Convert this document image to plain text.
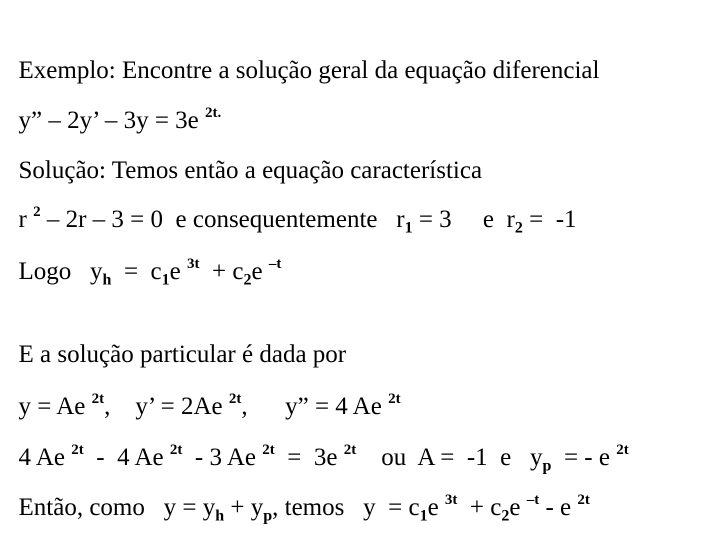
Exemplo: Encontre a solução geral da equação diferencial

y” – 2y’ – 3y = 3e $^{2t.}$

Solução: Temos então a equação característica

r $^2$ – 2r – 3 = 0  e consequentemente   $r_1 = 3$     e  $r_2 = -1$

Logo   $y_h = c_1e$ $^{3t} + c_2e$ $^{-t}$

E a solução particular é dada por

y = Ae $^{2t}$,    y’ = 2Ae $^{2t}$,      y” = 4 Ae $^{2t}$

4 Ae $^{2t}$  -  4 Ae $^{2t}$  - 3 Ae $^{2t}$  =  3e $^{2t}$    ou  A =  -1  e   $y_p$  = - e $^{2t}$

Então, como   $y = y_h + y_p$, temos   $y = c_1e$ $^{3t} + c_2e$ $^{-t}$ - e $^{2t}$
